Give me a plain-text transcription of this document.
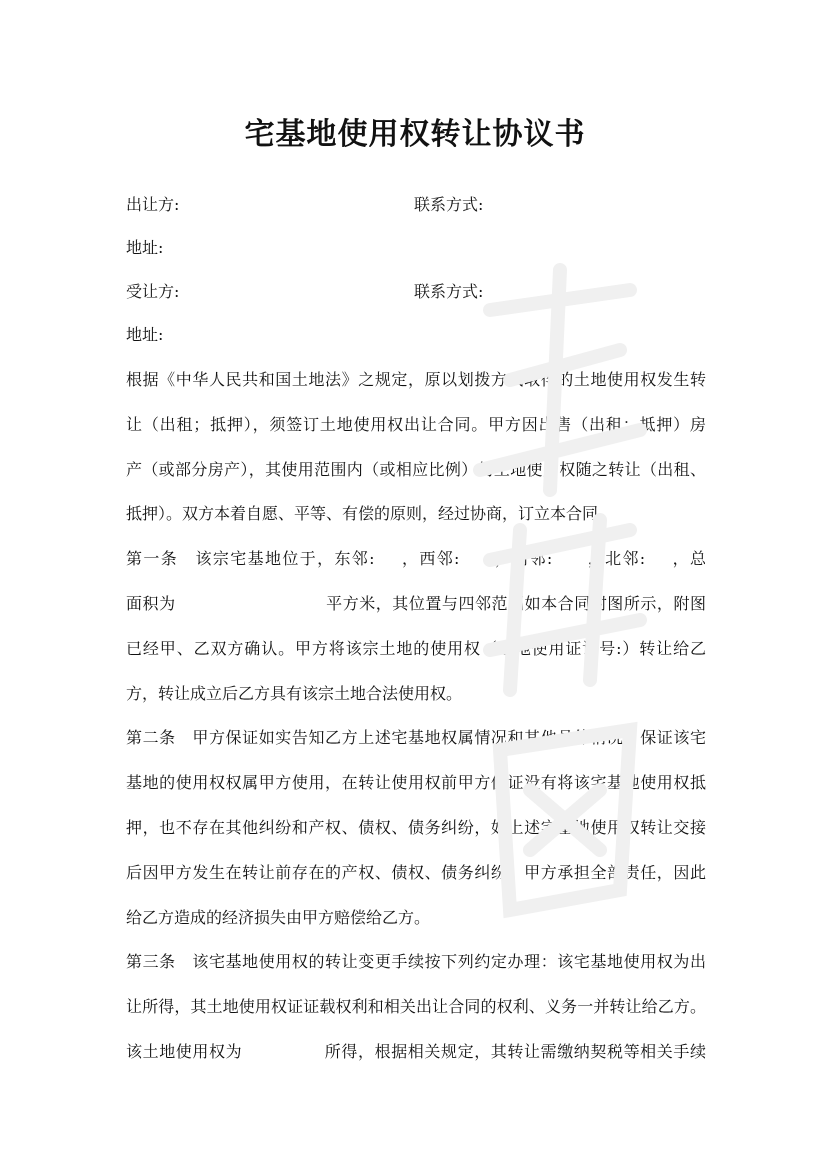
宅基地使用权转让协议书
出让方:	联系方式:
地址:
受让方:	联系方式:
地址:
根据《中华人民共和国土地法》之规定，原以划拨方式取得的土地使用权发生转
让（出租；抵押），须签订土地使用权出让合同。甲方因出售（出租；抵押）房
产（或部分房产），其使用范围内（或相应比例）的土地使用权随之转让（出租、
抵押）。双方本着自愿、平等、有偿的原则，经过协商，订立本合同。
第一条　该宗宅基地位于，东邻: ，西邻: ，南邻: ，北邻: ，总
面积为	平方米，其位置与四邻范围如本合同附图所示，附图
已经甲、乙双方确认。甲方将该宗土地的使用权（土地使用证证号:）转让给乙
方，转让成立后乙方具有该宗土地合法使用权。
第二条　甲方保证如实告知乙方上述宅基地权属情况和其他具体情况，保证该宅
基地的使用权权属甲方使用，在转让使用权前甲方保证没有将该宅基地使用权抵
押，也不存在其他纠纷和产权、债权、债务纠纷，如上述宅基地使用权转让交接
后因甲方发生在转让前存在的产权、债权、债务纠纷，甲方承担全部责任，因此
给乙方造成的经济损失由甲方赔偿给乙方。
第三条　该宅基地使用权的转让变更手续按下列约定办理：该宅基地使用权为出
让所得，其土地使用权证证载权利和相关出让合同的权利、义务一并转让给乙方。
该土地使用权为	所得，根据相关规定，其转让需缴纳契税等相关手续
